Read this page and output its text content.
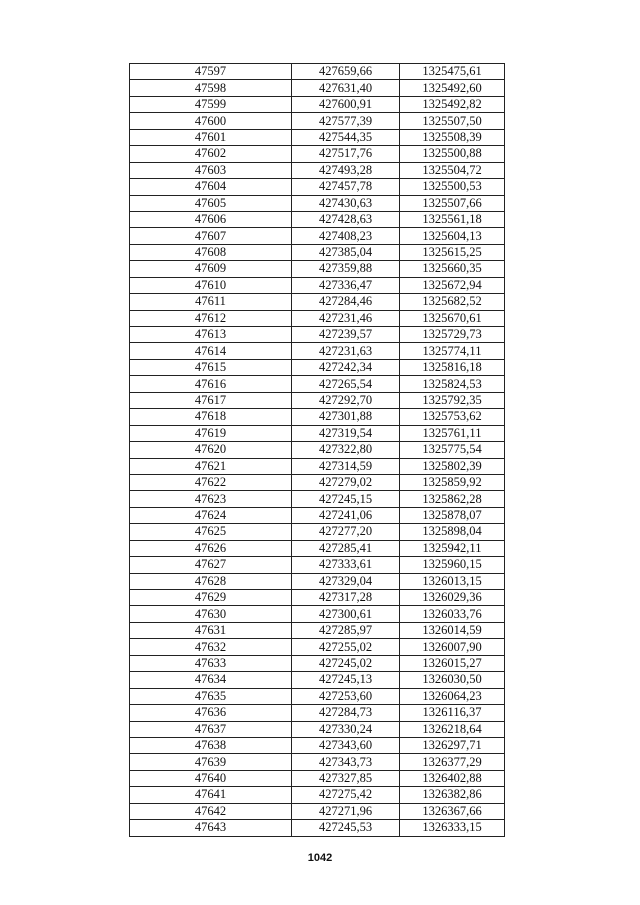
47597	427659,66	1325475,61
47598	427631,40	1325492,60
47599	427600,91	1325492,82
47600	427577,39	1325507,50
47601	427544,35	1325508,39
47602	427517,76	1325500,88
47603	427493,28	1325504,72
47604	427457,78	1325500,53
47605	427430,63	1325507,66
47606	427428,63	1325561,18
47607	427408,23	1325604,13
47608	427385,04	1325615,25
47609	427359,88	1325660,35
47610	427336,47	1325672,94
47611	427284,46	1325682,52
47612	427231,46	1325670,61
47613	427239,57	1325729,73
47614	427231,63	1325774,11
47615	427242,34	1325816,18
47616	427265,54	1325824,53
47617	427292,70	1325792,35
47618	427301,88	1325753,62
47619	427319,54	1325761,11
47620	427322,80	1325775,54
47621	427314,59	1325802,39
47622	427279,02	1325859,92
47623	427245,15	1325862,28
47624	427241,06	1325878,07
47625	427277,20	1325898,04
47626	427285,41	1325942,11
47627	427333,61	1325960,15
47628	427329,04	1326013,15
47629	427317,28	1326029,36
47630	427300,61	1326033,76
47631	427285,97	1326014,59
47632	427255,02	1326007,90
47633	427245,02	1326015,27
47634	427245,13	1326030,50
47635	427253,60	1326064,23
47636	427284,73	1326116,37
47637	427330,24	1326218,64
47638	427343,60	1326297,71
47639	427343,73	1326377,29
47640	427327,85	1326402,88
47641	427275,42	1326382,86
47642	427271,96	1326367,66
47643	427245,53	1326333,15
1042
